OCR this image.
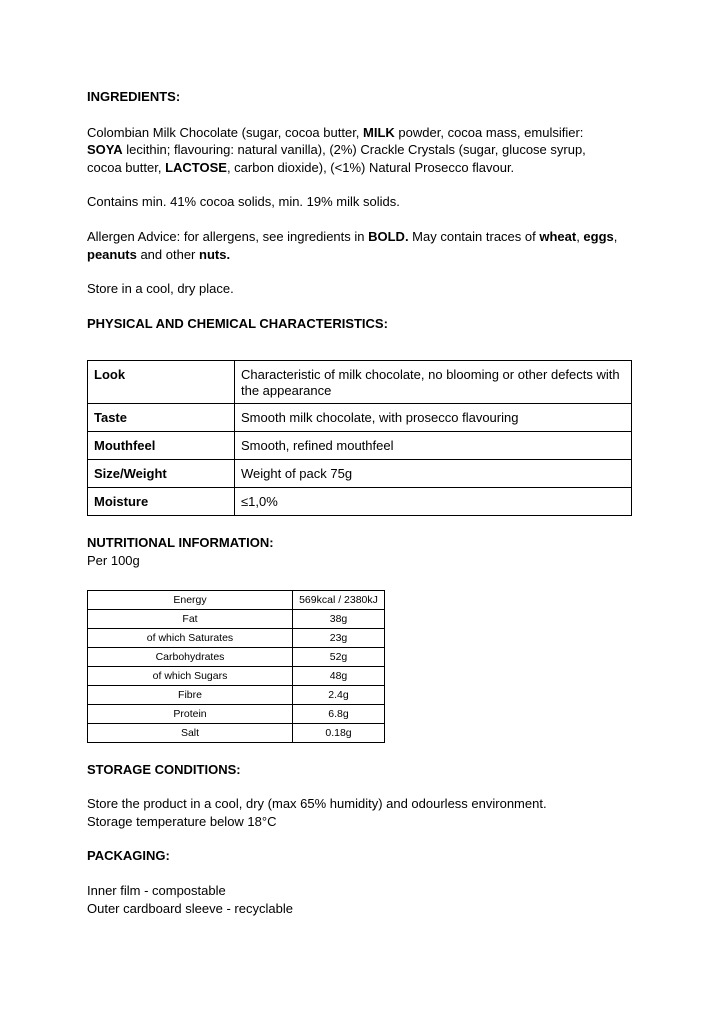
INGREDIENTS:

Colombian Milk Chocolate (sugar, cocoa butter, MILK powder, cocoa mass, emulsifier:
SOYA lecithin; flavouring: natural vanilla), (2%) Crackle Crystals (sugar, glucose syrup,
cocoa butter, LACTOSE, carbon dioxide), (<1%) Natural Prosecco flavour.

Contains min. 41% cocoa solids, min. 19% milk solids.

Allergen Advice: for allergens, see ingredients in BOLD. May contain traces of wheat, eggs,
peanuts and other nuts.

Store in a cool, dry place.

PHYSICAL AND CHEMICAL CHARACTERISTICS:

Look	Characteristic of milk chocolate, no blooming or other defects with the appearance
Taste	Smooth milk chocolate, with prosecco flavouring
Mouthfeel	Smooth, refined mouthfeel
Size/Weight	Weight of pack 75g
Moisture	≤1,0%

NUTRITIONAL INFORMATION:

Per 100g

Energy	569kcal / 2380kJ
Fat	38g
of which Saturates	23g
Carbohydrates	52g
of which Sugars	48g
Fibre	2.4g
Protein	6.8g
Salt	0.18g

STORAGE CONDITIONS:

Store the product in a cool, dry (max 65% humidity) and odourless environment.

Storage temperature below 18°C

PACKAGING:

Inner film - compostable

Outer cardboard sleeve - recyclable
